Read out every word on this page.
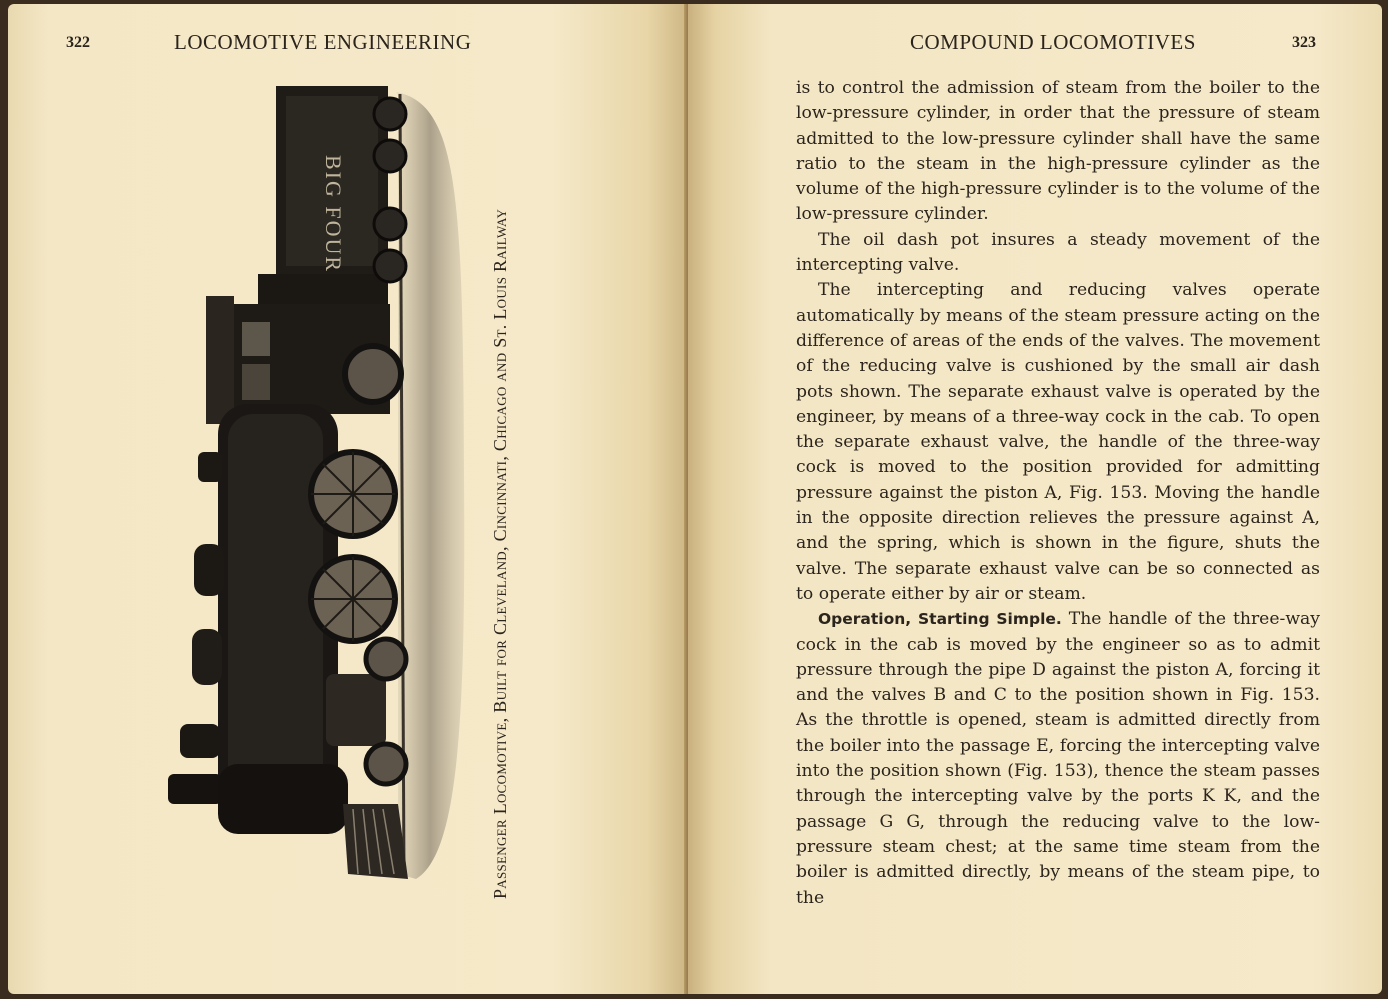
322	LOCOMOTIVE ENGINEERING
BIG FOUR	Passenger Locomotive, Built for Cleveland, Cincinnati, Chicago and St. Louis Railway
COMPOUND LOCOMOTIVES	323

is to control the admission of steam from the boiler to the low-pressure cylinder, in order that the pressure of steam admitted to the low-pressure cylinder shall have the same ratio to the steam in the high-pressure cylinder as the volume of the high-pressure cylinder is to the volume of the low-pressure cylinder.

The oil dash pot insures a steady movement of the intercepting valve.

The intercepting and reducing valves operate automatically by means of the steam pressure acting on the difference of areas of the ends of the valves. The movement of the reducing valve is cushioned by the small air dash pots shown. The separate exhaust valve is operated by the engineer, by means of a three-way cock in the cab. To open the separate exhaust valve, the handle of the three-way cock is moved to the position provided for admitting pressure against the piston A, Fig. 153. Moving the handle in the opposite direction relieves the pressure against A, and the spring, which is shown in the figure, shuts the valve. The separate exhaust valve can be so connected as to operate either by air or steam.

Operation, Starting Simple. The handle of the three-way cock in the cab is moved by the engineer so as to admit pressure through the pipe D against the piston A, forcing it and the valves B and C to the position shown in Fig. 153. As the throttle is opened, steam is admitted directly from the boiler into the passage E, forcing the intercepting valve into the position shown (Fig. 153), thence the steam passes through the intercepting valve by the ports K K, and the passage G G, through the reducing valve to the low-pressure steam chest; at the same time steam from the boiler is admitted directly, by means of the steam pipe, to the
